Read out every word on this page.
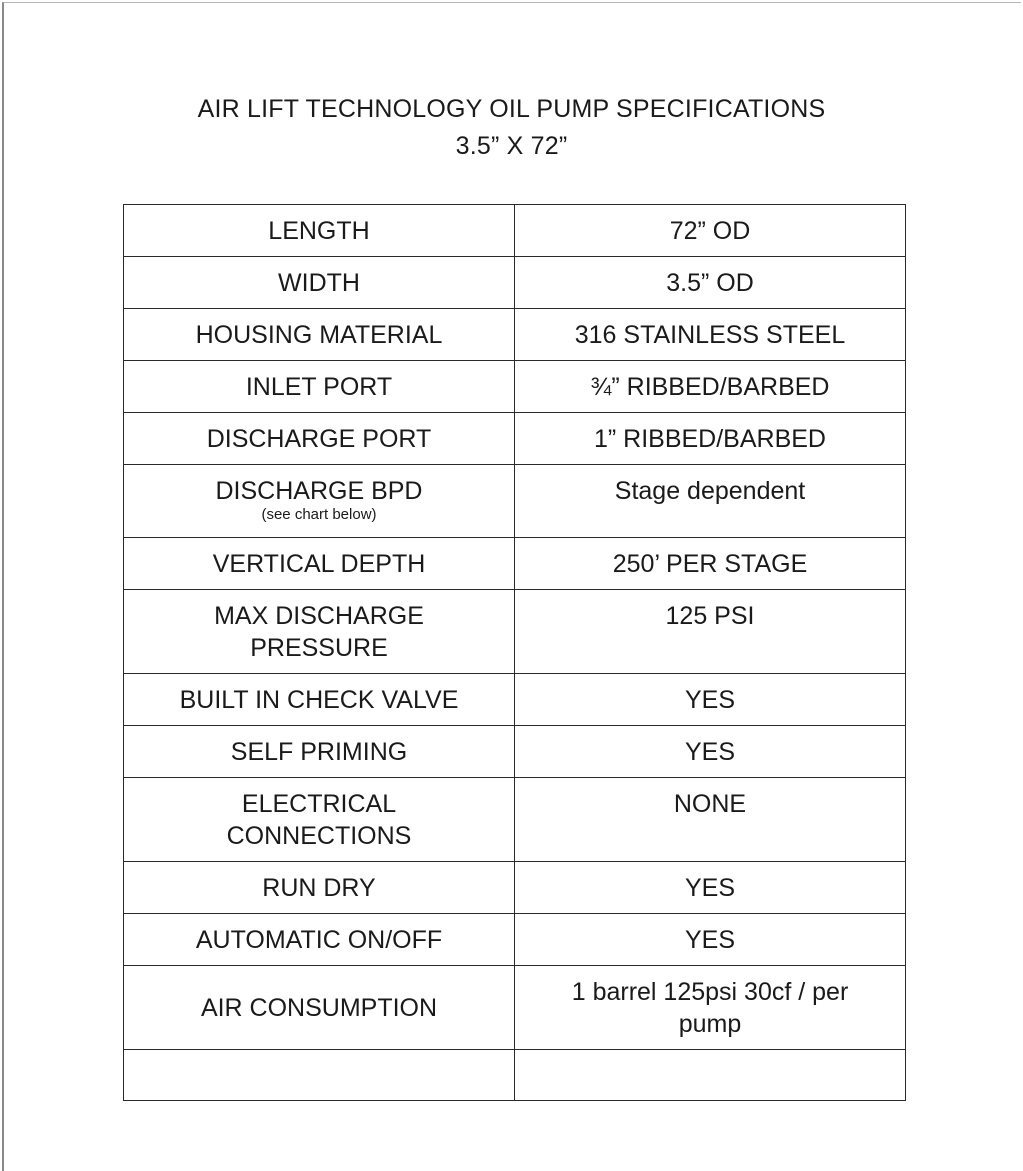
AIR LIFT TECHNOLOGY OIL PUMP SPECIFICATIONS
3.5” X 72”
LENGTH	72” OD
WIDTH	3.5” OD
HOUSING MATERIAL	316 STAINLESS STEEL
INLET PORT	¾” RIBBED/BARBED
DISCHARGE PORT	1” RIBBED/BARBED

DISCHARGE BPD
(see chart below)	Stage dependent
VERTICAL DEPTH	250’ PER STAGE

MAX DISCHARGE
PRESSURE	125 PSI
BUILT IN CHECK VALVE	YES
SELF PRIMING	YES

ELECTRICAL
CONNECTIONS	NONE
RUN DRY	YES
AUTOMATIC ON/OFF	YES
AIR CONSUMPTION	1 barrel 125psi 30cf / per
pump
